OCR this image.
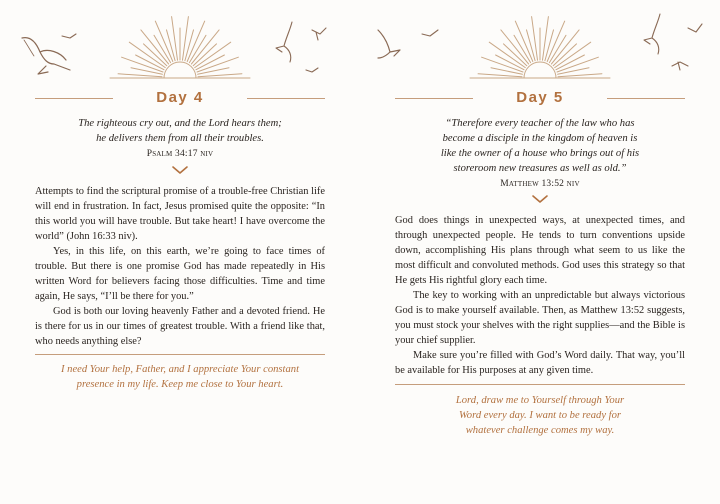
Day 4
The righteous cry out, and the Lord hears them;
he delivers them from all their troubles.
Psalm 34:17 niv

Attempts to find the scriptural promise of a trouble-free Christian life will end in frustration. In fact, Jesus promised quite the opposite: “In this world you will have trouble. But take heart! I have overcome the world” (John 16:33 niv).

Yes, in this life, on this earth, we’re going to face times of trouble. But there is one promise God has made repeatedly in His written Word for believers facing those difficulties. Time and time again, He says, “I’ll be there for you.”

God is both our loving heavenly Father and a devoted friend. He is there for us in our times of greatest trouble. With a friend like that, who needs anything else?

I need Your help, Father, and I appreciate Your constant
presence in my life. Keep me close to Your heart.
Day 5
“Therefore every teacher of the law who has
become a disciple in the kingdom of heaven is
like the owner of a house who brings out of his
storeroom new treasures as well as old.”
Matthew 13:52 niv

God does things in unexpected ways, at unexpected times, and through unexpected people. He tends to turn conventions upside down, accomplishing His plans through what seem to us like the most difficult and convoluted methods. God uses this strategy so that He gets His rightful glory each time.

The key to working with an unpredictable but always victorious God is to make yourself available. Then, as Matthew 13:52 suggests, you must stock your shelves with the right supplies—and the Bible is your chief supplier.

Make sure you’re filled with God’s Word daily. That way, you’ll be available for His purposes at any given time.

Lord, draw me to Yourself through Your
Word every day. I want to be ready for
whatever challenge comes my way.
